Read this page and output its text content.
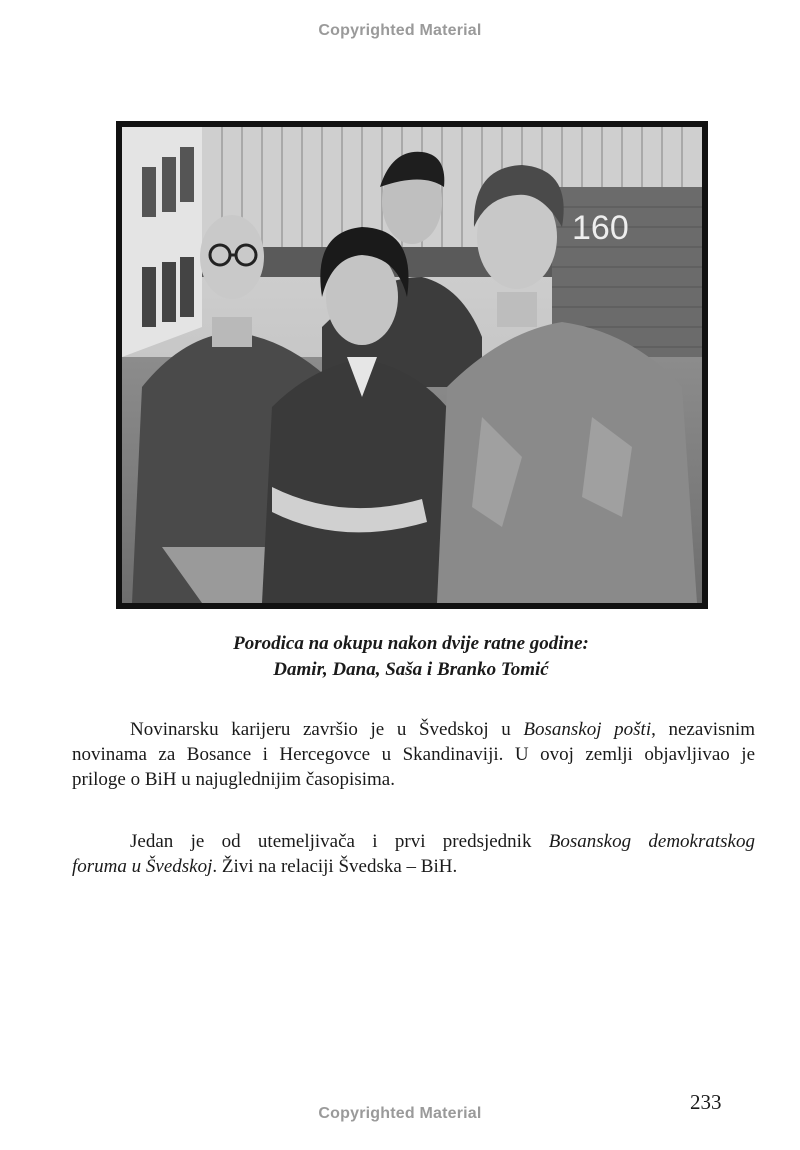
Copyrighted Material
160
Porodica na okupu nakon dvije ratne godine:
Damir, Dana, Saša i Branko Tomić
Novinarsku karijeru završio je u Švedskoj u Bosanskoj pošti, nezavisnim
novinama za Bosance i Hercegovce u Skandinaviji. U ovoj zemlji objavljivao je
priloge o BiH u najuglednijim časopisima.
Jedan je od utemeljivača i prvi predsjednik Bosanskog demokratskog
foruma u Švedskoj. Živi na relaciji Švedska – BiH.
233
Copyrighted Material
